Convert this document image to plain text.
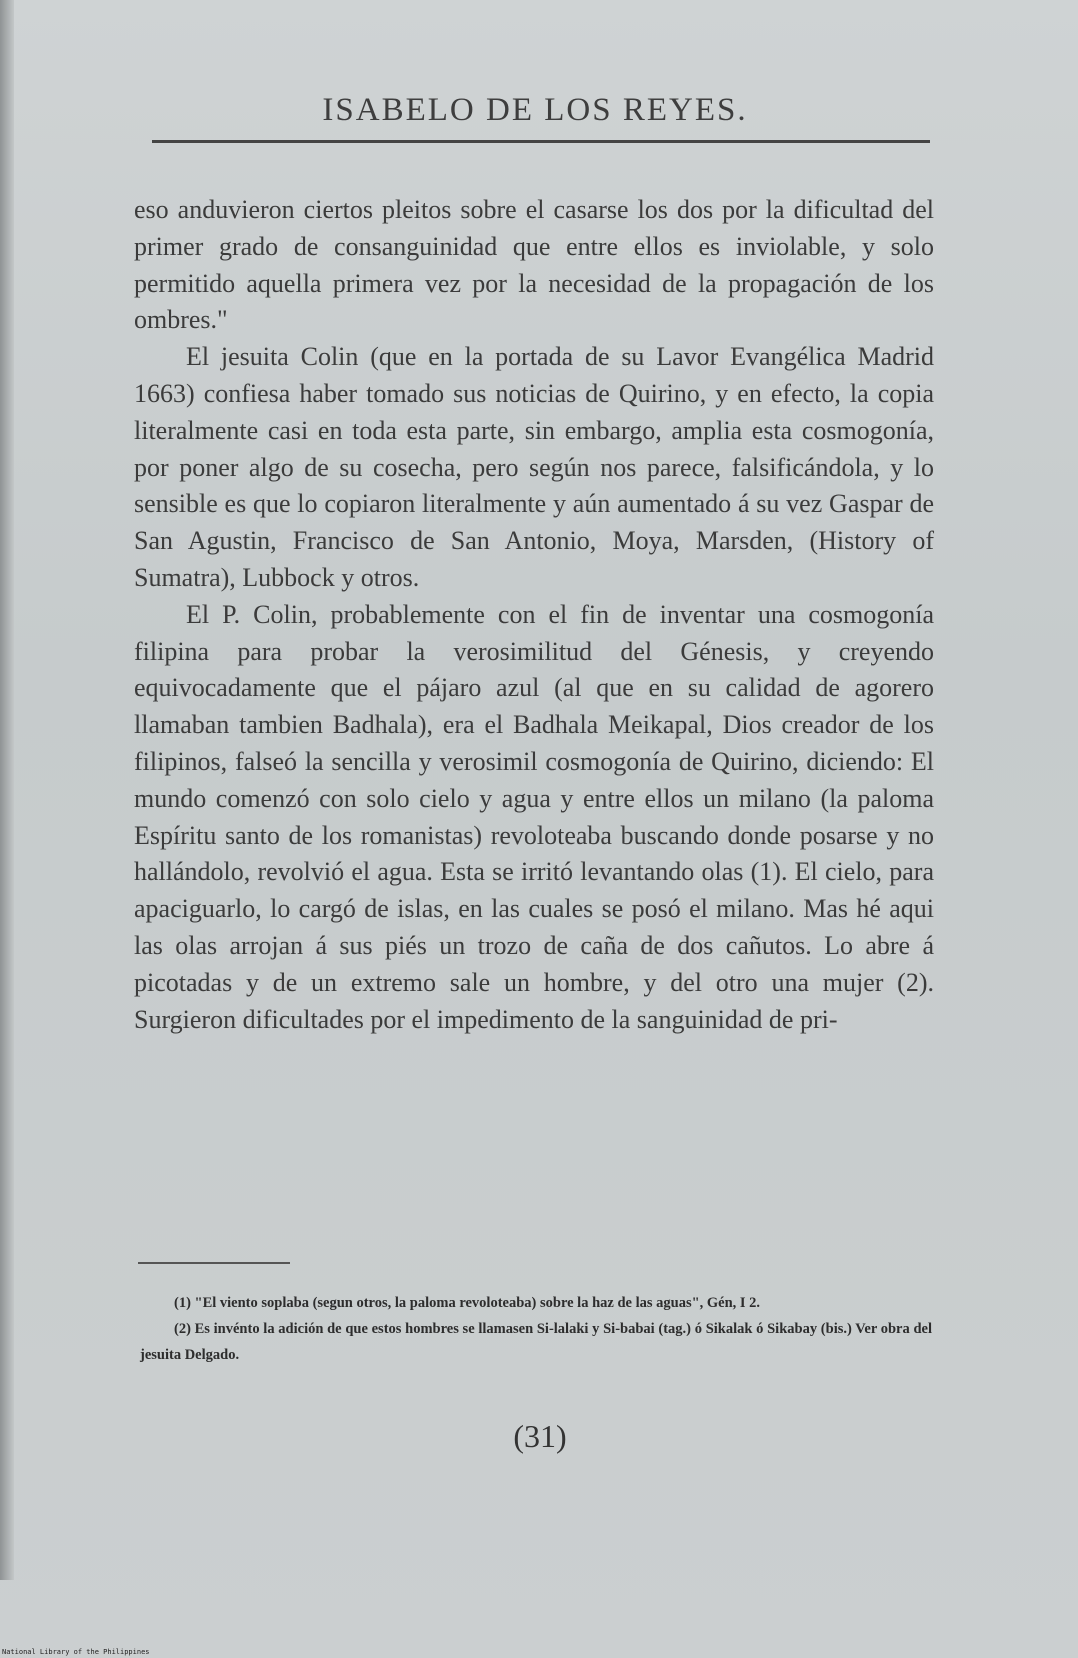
ISABELO DE LOS REYES.

eso anduvieron ciertos pleitos sobre el casarse los dos por la dificultad del primer grado de consanguinidad que entre ellos es inviolable, y solo permitido aquella primera vez por la necesidad de la propagación de los ombres."

El jesuita Colin (que en la portada de su Lavor Evangélica Madrid 1663) confiesa haber tomado sus noticias de Quirino, y en efecto, la copia literalmente casi en toda esta parte, sin embargo, amplia esta cosmogonía, por poner algo de su cosecha, pero según nos parece, falsificándola, y lo sensible es que lo copiaron literalmente y aún aumentado á su vez Gaspar de San Agustin, Francisco de San Antonio, Moya, Marsden, (History of Sumatra), Lubbock y otros.

El P. Colin, probablemente con el fin de inventar una cosmogonía filipina para probar la verosimilitud del Génesis, y creyendo equivocadamente que el pájaro azul (al que en su calidad de agorero llamaban tambien Badhala), era el Badhala Meikapal, Dios creador de los filipinos, falseó la sencilla y verosimil cosmogonía de Quirino, diciendo: El mundo comenzó con solo cielo y agua y entre ellos un milano (la paloma Espíritu santo de los romanistas) revoloteaba buscando donde posarse y no hallándolo, revolvió el agua. Esta se irritó levantando olas (1). El cielo, para apaciguarlo, lo cargó de islas, en las cuales se posó el milano. Mas hé aqui las olas arrojan á sus piés un trozo de caña de dos cañutos. Lo abre á picotadas y de un extremo sale un hombre, y del otro una mujer (2). Surgieron dificultades por el impedimento de la sanguinidad de pri-

(1) "El viento soplaba (segun otros, la paloma revoloteaba) sobre la haz de las aguas", Gén, I 2.

(2) Es invénto la adición de que estos hombres se llamasen Si-lalaki y Si-babai (tag.) ó Sikalak ó Sikabay (bis.) Ver obra del jesuita Delgado.

(31)
National Library of the Philippines
